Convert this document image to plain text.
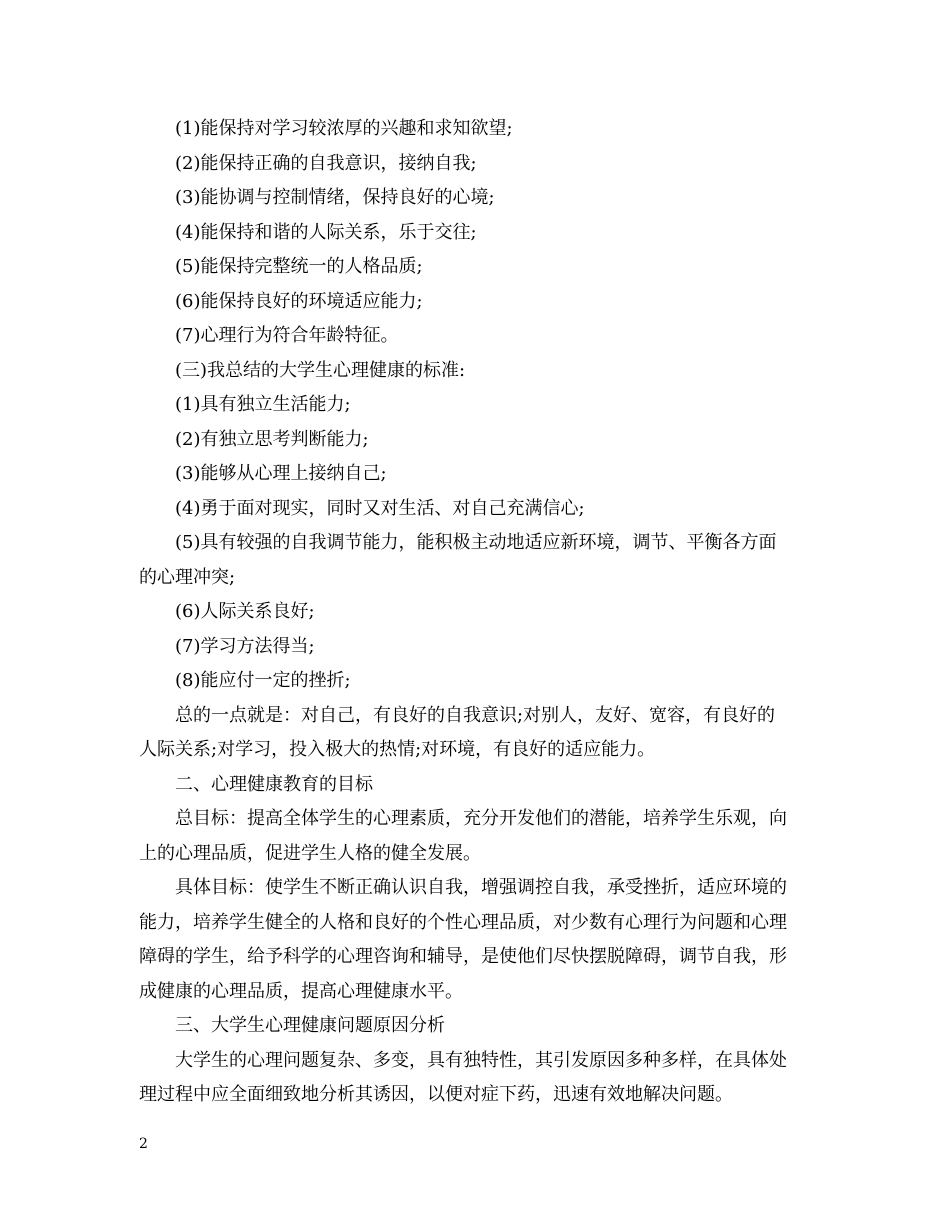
(1)能保持对学习较浓厚的兴趣和求知欲望;
(2)能保持正确的自我意识，接纳自我;
(3)能协调与控制情绪，保持良好的心境;
(4)能保持和谐的人际关系，乐于交往;
(5)能保持完整统一的人格品质;
(6)能保持良好的环境适应能力;
(7)心理行为符合年龄特征。
(三)我总结的大学生心理健康的标准:
(1)具有独立生活能力;
(2)有独立思考判断能力;
(3)能够从心理上接纳自己;
(4)勇于面对现实，同时又对生活、对自己充满信心;
(5)具有较强的自我调节能力，能积极主动地适应新环境，调节、平衡各方面
的心理冲突;
(6)人际关系良好;
(7)学习方法得当;
(8)能应付一定的挫折;
总的一点就是：对自己，有良好的自我意识;对别人，友好、宽容，有良好的
人际关系;对学习，投入极大的热情;对环境，有良好的适应能力。
二、心理健康教育的目标
总目标：提高全体学生的心理素质，充分开发他们的潜能，培养学生乐观，向
上的心理品质，促进学生人格的健全发展。
具体目标：使学生不断正确认识自我，增强调控自我，承受挫折，适应环境的
能力，培养学生健全的人格和良好的个性心理品质，对少数有心理行为问题和心理
障碍的学生，给予科学的心理咨询和辅导，是使他们尽快摆脱障碍，调节自我，形
成健康的心理品质，提高心理健康水平。
三、大学生心理健康问题原因分析
大学生的心理问题复杂、多变，具有独特性，其引发原因多种多样，在具体处
理过程中应全面细致地分析其诱因，以便对症下药，迅速有效地解决问题。
2
